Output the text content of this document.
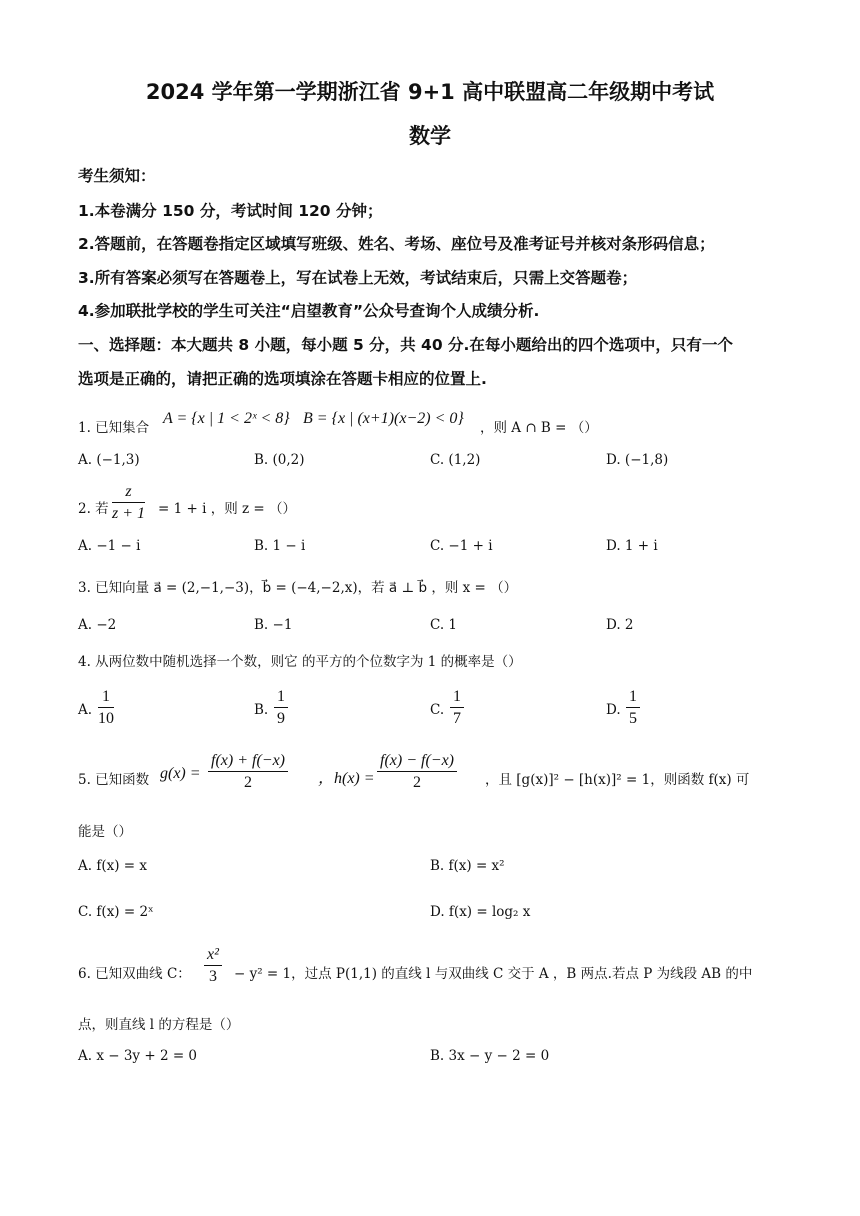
2024 学年第一学期浙江省 9+1 高中联盟高二年级期中考试
数学
考生须知：
1.本卷满分 150 分，考试时间 120 分钟；
2.答题前，在答题卷指定区域填写班级、姓名、考场、座位号及准考证号并核对条形码信息；
3.所有答案必须写在答题卷上，写在试卷上无效，考试结束后，只需上交答题卷；
4.参加联批学校的学生可关注“启望教育”公众号查询个人成绩分析.
一、选择题：本大题共 8 小题，每小题 5 分，共 40 分.在每小题给出的四个选项中，只有一个
选项是正确的，请把正确的选项填涂在答题卡相应的位置上.
1. 已知集合
A = {x | 1 < 2ˣ < 8} B = {x | (x+1)(x−2) < 0}
，则 A ∩ B = （）
A. (−1,3)	B. (0,2)	C. (1,2)	D. (−1,8)
2. 若 $\frac{z}{z + 1} = 1 + i$ ，则 z = （）
A. −1 − i	B. 1 − i	C. −1 + i	D. 1 + i
3. 已知向量 a⃗ = (2,−1,−3)，b⃗ = (−4,−2,x)，若 a⃗ ⊥ b⃗ ，则 x = （）
A. −2	B. −1	C. 1	D. 2
4. 从两位数中随机选择一个数，则它 的平方的个位数字为 1 的概率是（）
A. $\frac{1}{10}$	B. $\frac{1}{9}$	C. $\frac{1}{7}$	D. $\frac{1}{5}$
5. 已知函数 $g(x) = \frac{f(x) + f(-x)}{2}$ ，$h(x) = \frac{f(x) - f(-x)}{2}$ ，且 [g(x)]² − [h(x)]² = 1，则函数 f(x) 可
能是（）
A. f(x) = x	B. f(x) = x²
C. f(x) = 2ˣ	D. f(x) = log₂ x
6. 已知双曲线 C： $\frac{\text{x²}}{3} - y^2 = 1$，过点 P(1,1) 的直线 l 与双曲线 C 交于 A ，B 两点.若点 P 为线段 AB 的中
点，则直线 l 的方程是（）
A. x − 3y + 2 = 0	B. 3x − y − 2 = 0
